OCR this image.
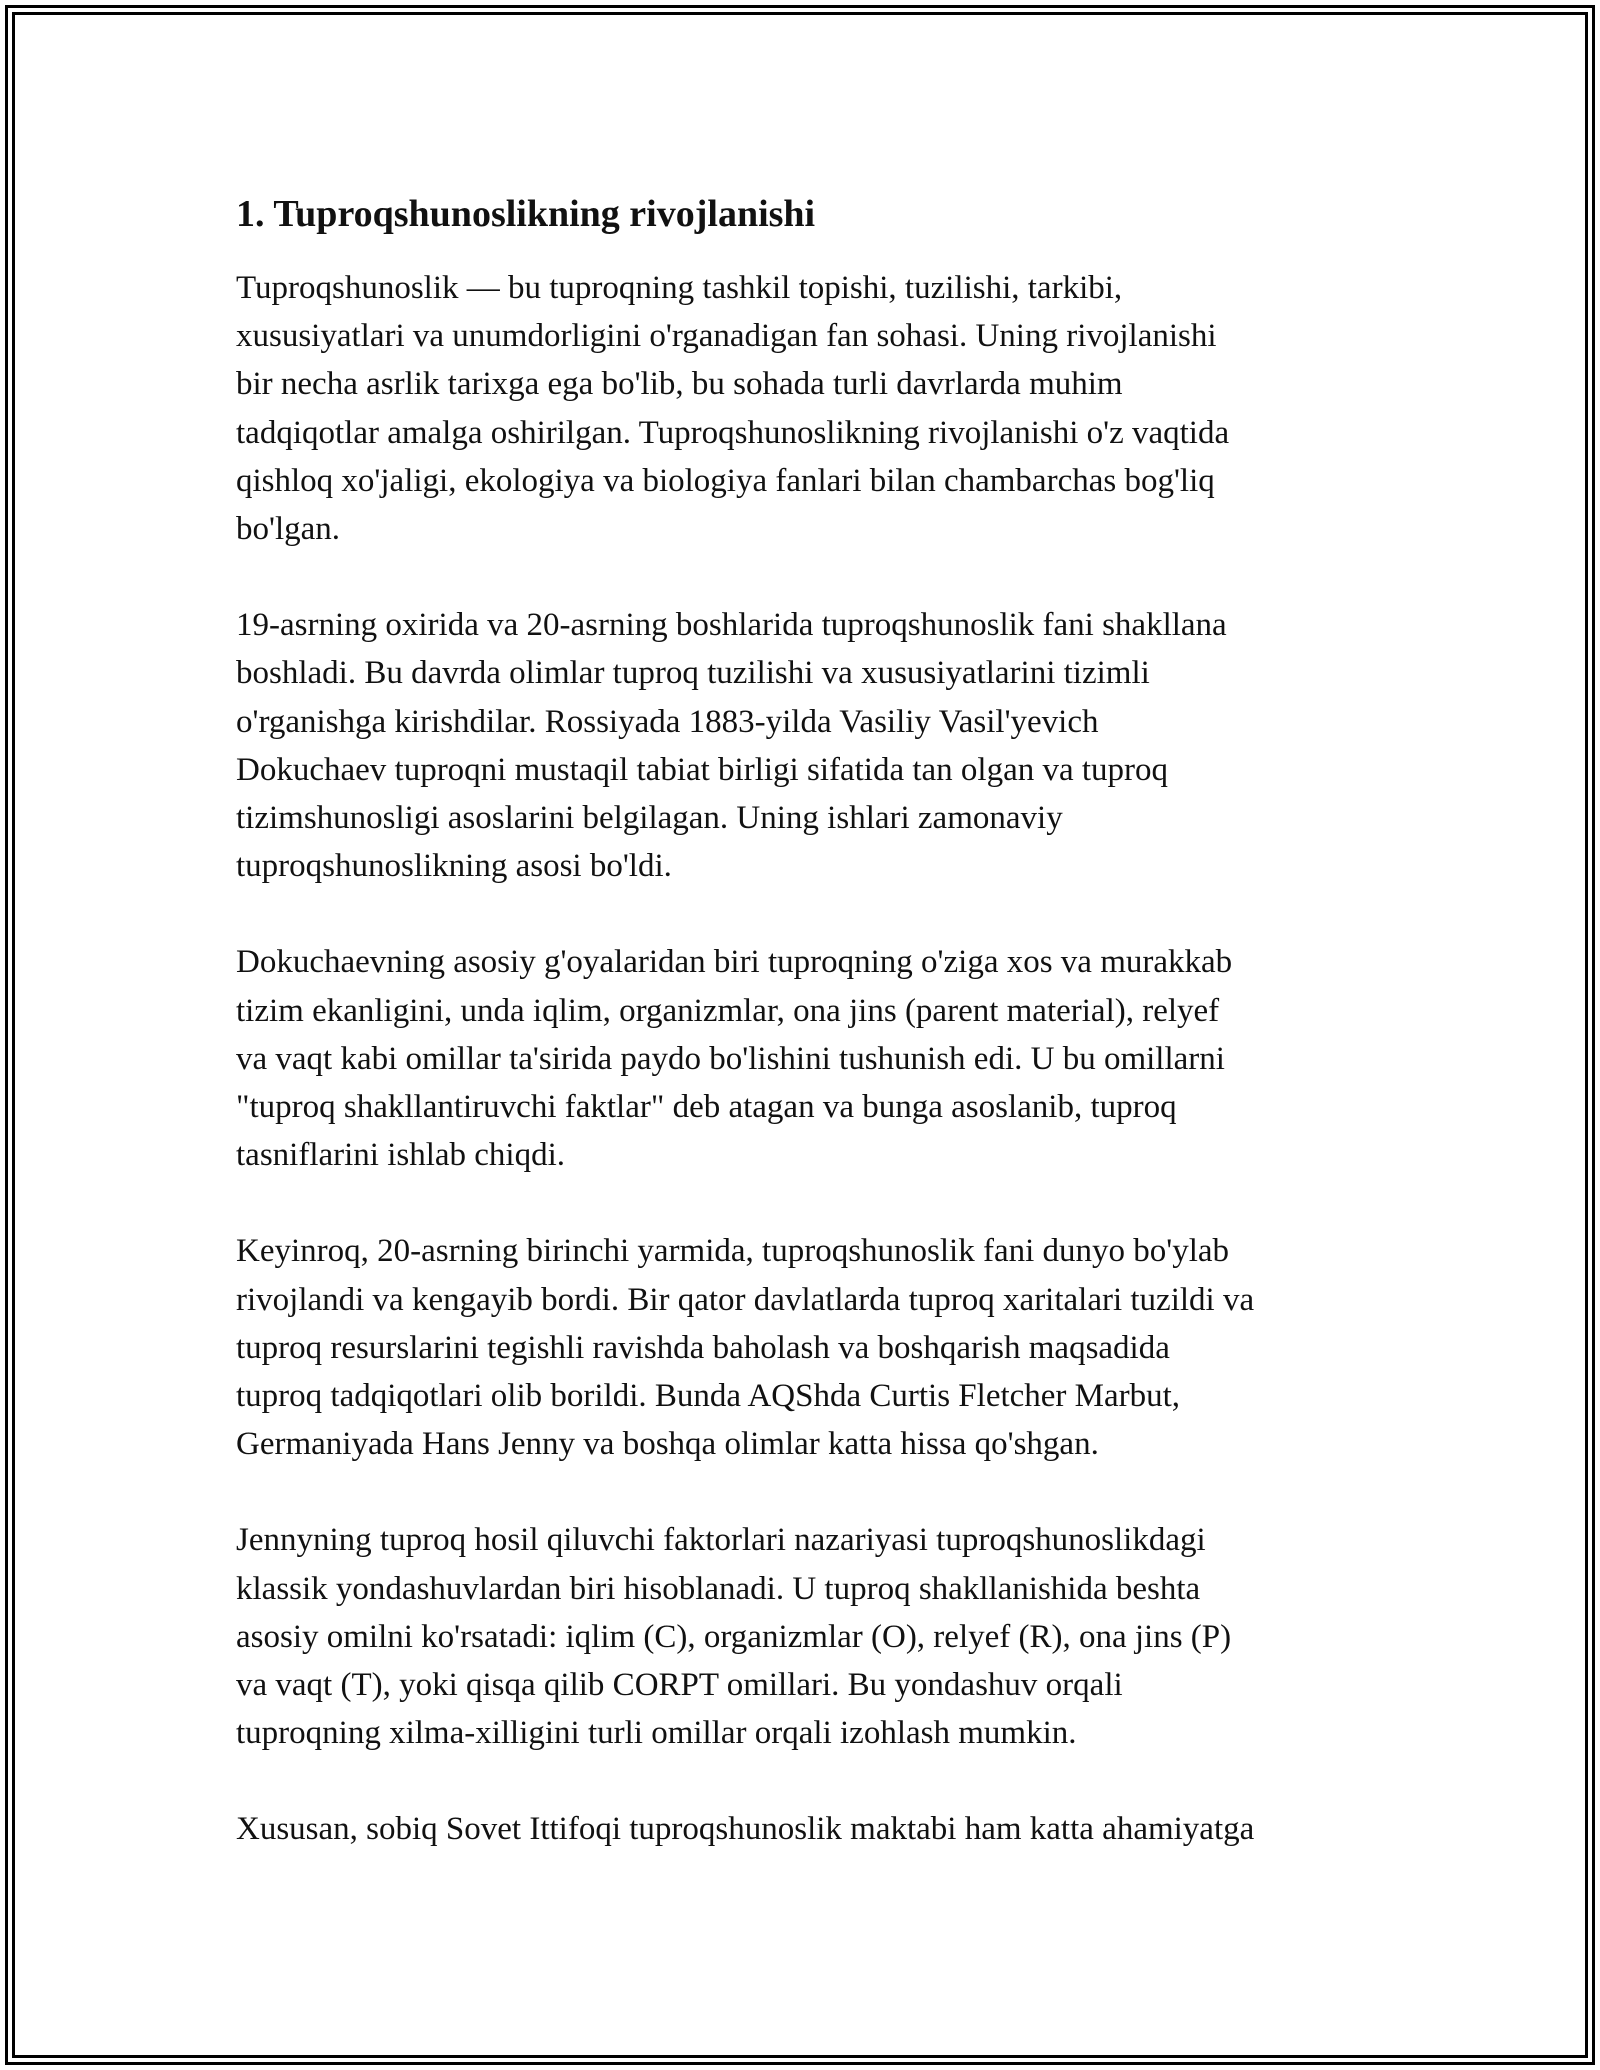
1. Tuproqshunoslikning rivojlanishi

Tuproqshunoslik — bu tuproqning tashkil topishi, tuzilishi, tarkibi,
xususiyatlari va unumdorligini o'rganadigan fan sohasi. Uning rivojlanishi
bir necha asrlik tarixga ega bo'lib, bu sohada turli davrlarda muhim
tadqiqotlar amalga oshirilgan. Tuproqshunoslikning rivojlanishi o'z vaqtida
qishloq xo'jaligi, ekologiya va biologiya fanlari bilan chambarchas bog'liq
bo'lgan.

19-asrning oxirida va 20-asrning boshlarida tuproqshunoslik fani shakllana
boshladi. Bu davrda olimlar tuproq tuzilishi va xususiyatlarini tizimli
o'rganishga kirishdilar. Rossiyada 1883-yilda Vasiliy Vasil'yevich
Dokuchaev tuproqni mustaqil tabiat birligi sifatida tan olgan va tuproq
tizimshunosligi asoslarini belgilagan. Uning ishlari zamonaviy
tuproqshunoslikning asosi bo'ldi.

Dokuchaevning asosiy g'oyalaridan biri tuproqning o'ziga xos va murakkab
tizim ekanligini, unda iqlim, organizmlar, ona jins (parent material), relyef
va vaqt kabi omillar ta'sirida paydo bo'lishini tushunish edi. U bu omillarni
"tuproq shakllantiruvchi faktlar" deb atagan va bunga asoslanib, tuproq
tasniflarini ishlab chiqdi.

Keyinroq, 20-asrning birinchi yarmida, tuproqshunoslik fani dunyo bo'ylab
rivojlandi va kengayib bordi. Bir qator davlatlarda tuproq xaritalari tuzildi va
tuproq resurslarini tegishli ravishda baholash va boshqarish maqsadida
tuproq tadqiqotlari olib borildi. Bunda AQShda Curtis Fletcher Marbut,
Germaniyada Hans Jenny va boshqa olimlar katta hissa qo'shgan.

Jennyning tuproq hosil qiluvchi faktorlari nazariyasi tuproqshunoslikdagi
klassik yondashuvlardan biri hisoblanadi. U tuproq shakllanishida beshta
asosiy omilni ko'rsatadi: iqlim (C), organizmlar (O), relyef (R), ona jins (P)
va vaqt (T), yoki qisqa qilib CORPT omillari. Bu yondashuv orqali
tuproqning xilma-xilligini turli omillar orqali izohlash mumkin.

Xususan, sobiq Sovet Ittifoqi tuproqshunoslik maktabi ham katta ahamiyatga
